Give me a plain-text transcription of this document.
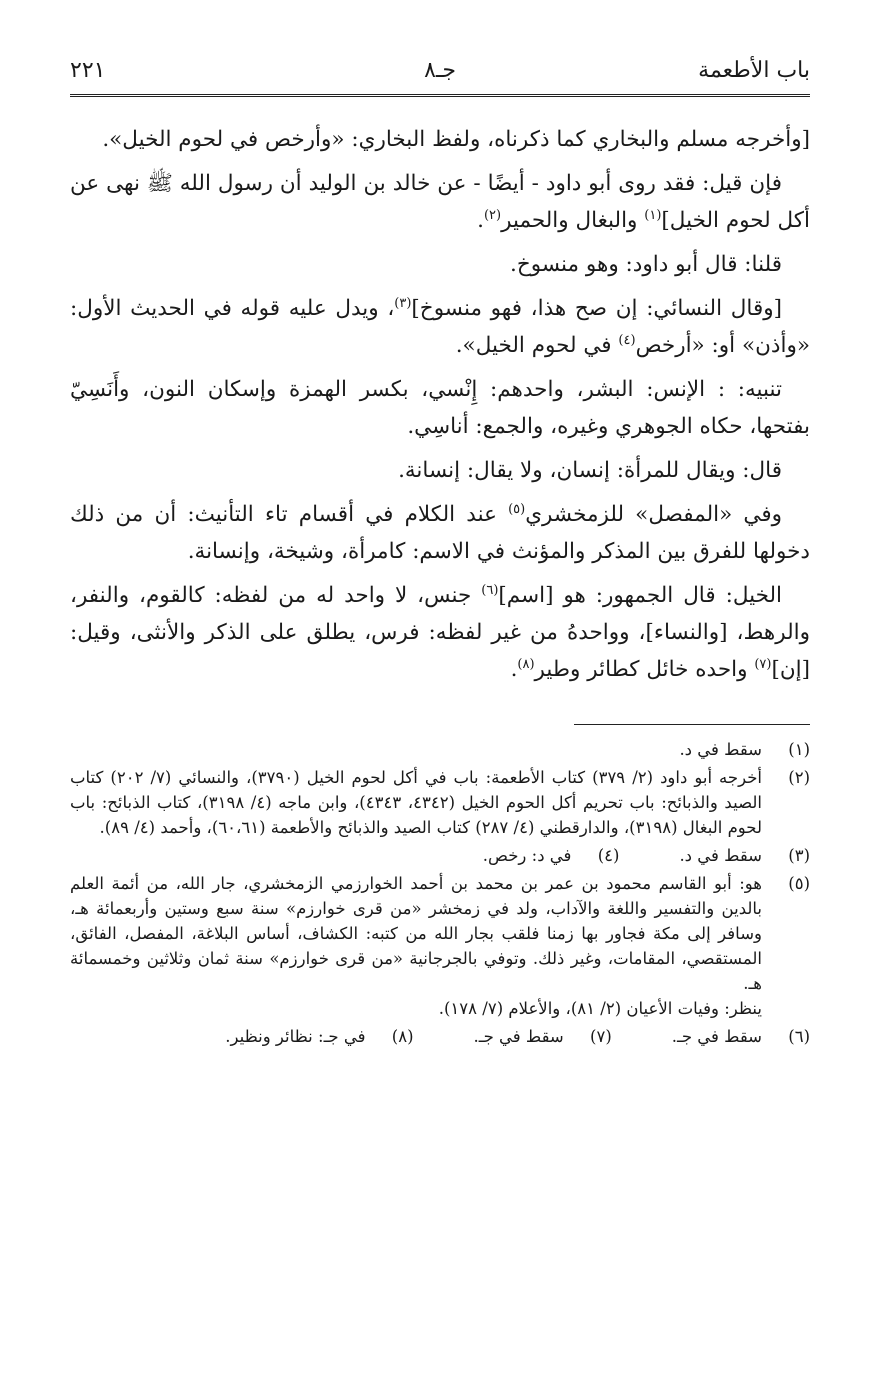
باب الأطعمة
جـ٨
٢٢١

[وأخرجه مسلم والبخاري كما ذكرناه، ولفظ البخاري: «وأرخص في لحوم الخيل».

فإن قيل: فقد روى أبو داود - أيضًا - عن خالد بن الوليد أن رسول الله ﷺ نهى عن أكل لحوم الخيل]$^{(١)}$ والبغال والحمير$^{(٢)}$.

قلنا: قال أبو داود: وهو منسوخ.

[وقال النسائي: إن صح هذا، فهو منسوخ]$^{(٣)}$، ويدل عليه قوله في الحديث الأول: «وأذن» أو: «أرخص$^{(٤)}$ في لحوم الخيل».

تنبيه: : الإنس: البشر، واحدهم: إِنْسي، بكسر الهمزة وإسكان النون، وأَنَسِيّ بفتحها، حكاه الجوهري وغيره، والجمع: أناسِي.

قال: ويقال للمرأة: إنسان، ولا يقال: إنسانة.

وفي «المفصل» للزمخشري$^{(٥)}$ عند الكلام في أقسام تاء التأنيث: أن من ذلك دخولها للفرق بين المذكر والمؤنث في الاسم: كامرأة، وشيخة، وإنسانة.

الخيل: قال الجمهور: هو [اسم]$^{(٦)}$ جنس، لا واحد له من لفظه: كالقوم، والنفر، والرهط، [والنساء]، وواحدهُ من غير لفظه: فرس، يطلق على الذكر والأنثى، وقيل: [إن]$^{(٧)}$ واحده خائل كطائر وطير$^{(٨)}$.

(١)
سقط في د.
(٢)
أخرجه أبو داود (٢/ ٣٧٩) كتاب الأطعمة: باب في أكل لحوم الخيل (٣٧٩٠)، والنسائي (٧/ ٢٠٢) كتاب الصيد والذبائح: باب تحريم أكل الحوم الخيل (٤٣٤٢، ٤٣٤٣)، وابن ماجه (٤/ ٣١٩٨)، كتاب الذبائح: باب لحوم البغال (٣١٩٨)، والدارقطني (٤/ ٢٨٧) كتاب الصيد والذبائح والأطعمة (٦٠،٦١)، وأحمد (٤/ ٨٩).
(٣)
سقط في د.
(٤)
في د: رخص.
(٥)
هو: أبو القاسم محمود بن عمر بن محمد بن أحمد الخوارزمي الزمخشري، جار الله، من أئمة العلم بالدين والتفسير واللغة والآداب، ولد في زمخشر «من قرى خوارزم» سنة سبع وستين وأربعمائة هـ، وسافر إلى مكة فجاور بها زمنا فلقب بجار الله من كتبه: الكشاف، أساس البلاغة، المفصل، الفائق، المستقصي، المقامات، وغير ذلك. وتوفي بالجرجانية «من قرى خوارزم» سنة ثمان وثلاثين وخمسمائة هـ.
ينظر: وفيات الأعيان (٢/ ٨١)، والأعلام (٧/ ١٧٨).
(٦)
سقط في جـ.
(٧)
سقط في جـ.
(٨)
في جـ: نظائر ونظير.
